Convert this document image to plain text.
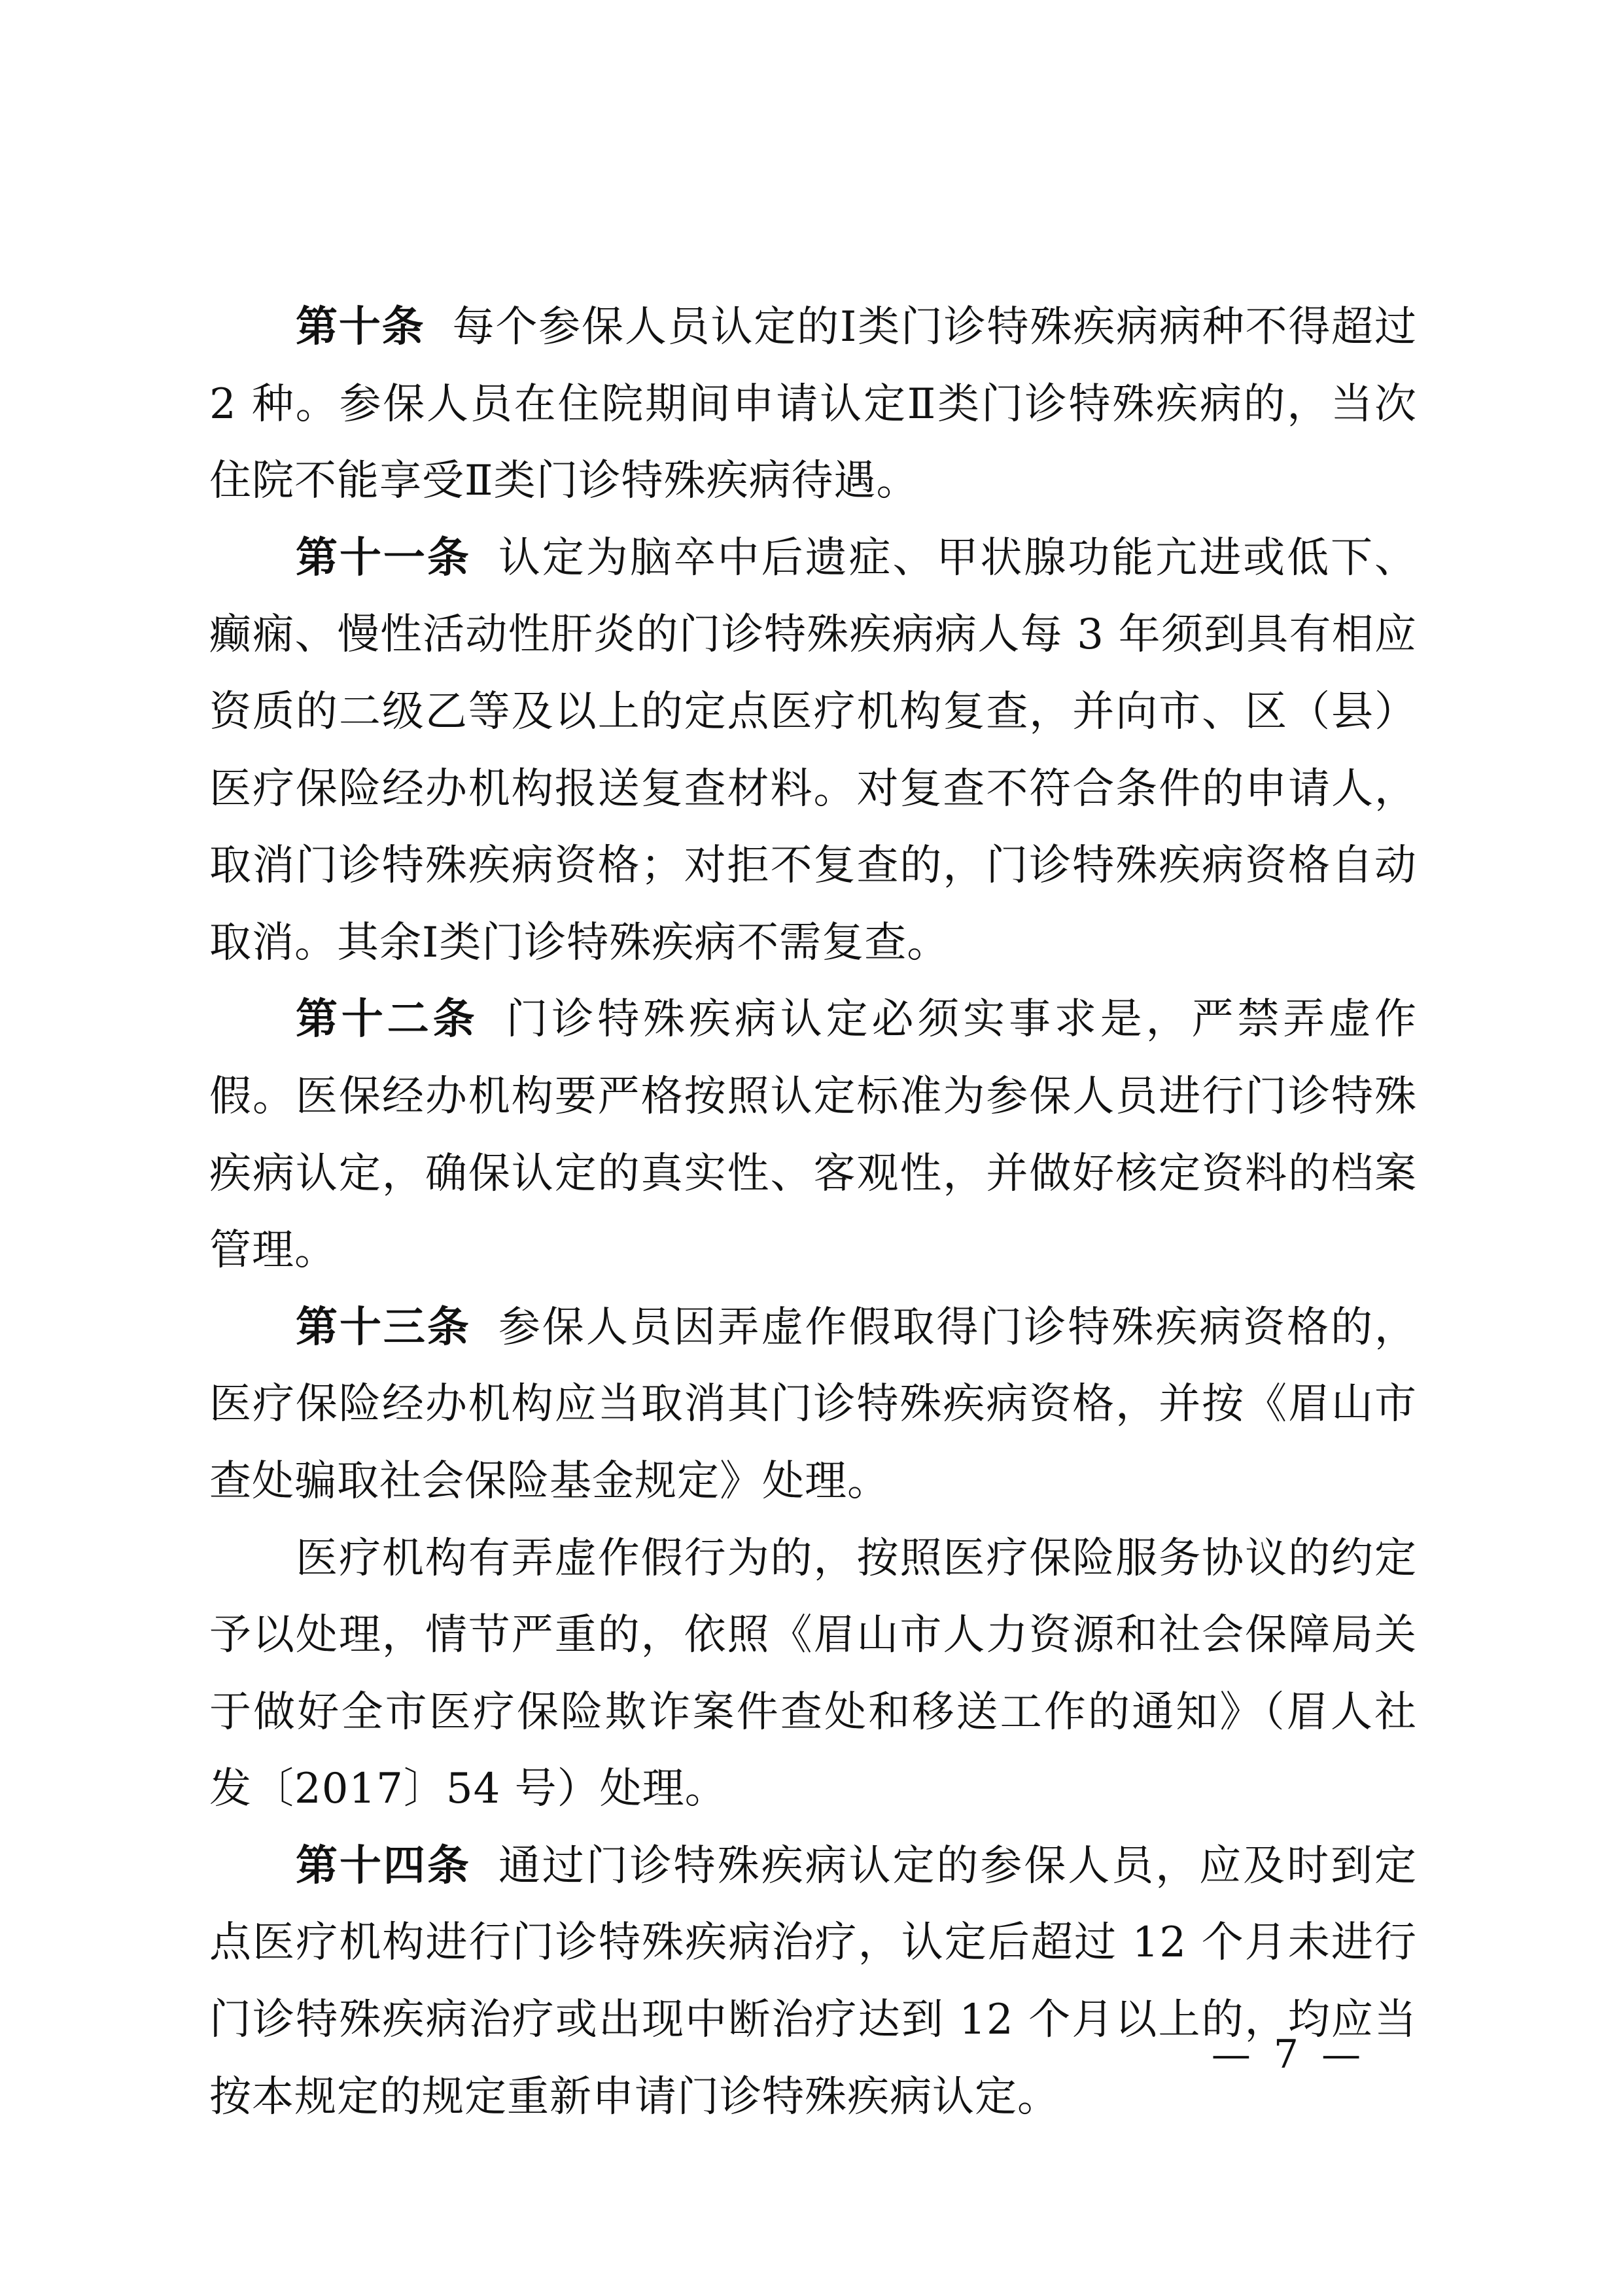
第十条 每个参保人员认定的Ⅰ类门诊特殊疾病病种不得超过 2 种。参保人员在住院期间申请认定Ⅱ类门诊特殊疾病的，当次住院不能享受Ⅱ类门诊特殊疾病待遇。

第十一条 认定为脑卒中后遗症、甲状腺功能亢进或低下、癫痫、慢性活动性肝炎的门诊特殊疾病病人每 3 年须到具有相应资质的二级乙等及以上的定点医疗机构复查，并向市、区（县）医疗保险经办机构报送复查材料。对复查不符合条件的申请人，取消门诊特殊疾病资格；对拒不复查的，门诊特殊疾病资格自动取消。其余Ⅰ类门诊特殊疾病不需复查。

第十二条 门诊特殊疾病认定必须实事求是，严禁弄虚作假。医保经办机构要严格按照认定标准为参保人员进行门诊特殊疾病认定，确保认定的真实性、客观性，并做好核定资料的档案管理。

第十三条 参保人员因弄虚作假取得门诊特殊疾病资格的，医疗保险经办机构应当取消其门诊特殊疾病资格，并按《眉山市查处骗取社会保险基金规定》处理。

医疗机构有弄虚作假行为的，按照医疗保险服务协议的约定予以处理，情节严重的，依照《眉山市人力资源和社会保障局关于做好全市医疗保险欺诈案件查处和移送工作的通知》（眉人社发〔2017〕54 号）处理。

第十四条 通过门诊特殊疾病认定的参保人员，应及时到定点医疗机构进行门诊特殊疾病治疗，认定后超过 12 个月未进行门诊特殊疾病治疗或出现中断治疗达到 12 个月以上的，均应当按本规定的规定重新申请门诊特殊疾病认定。

— 7 —
